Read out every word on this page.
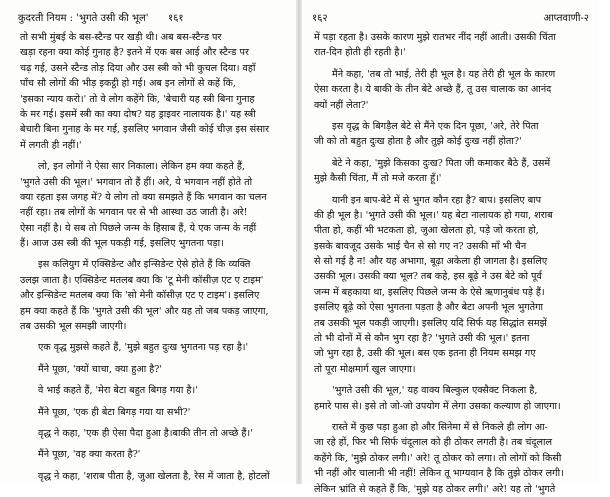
कुदरती नियम : 'भुगते उसी की भूल' १६१
तो सभी मुंबई के बस-स्टैन्ड पर खड़ी थी। अब बस-स्टैन्ड पर
खड़ा रहना क्या कोई गुनाह है? इतने में एक बस आई और स्टैन्ड पर
चढ़ गई, उसने स्टैन्ड तोड़ दिया और उस स्त्री को भी कुचल दिया। वहाँ
पाँच सौ लोगों की भीड़ इकट्ठी हो गई। अब इन लोगों से कहें कि,
'इसका न्याय करो।' तो वे लोग कहेंगे कि, 'बेचारी यह स्त्री बिना गुनाह
के मर गई। इसमें स्त्री का क्या दोष? यह ड्राइवर नालायक है।' यह स्त्री
बेचारी बिना गुनाह के मर गई, इसलिए भगवान जैसी कोई चीज़ इस संसार
में लगती ही नहीं।'
लो, इन लोगों ने ऐसा सार निकाला। लेकिन हम क्या कहते हैं,
'भुगते उसी की भूल।' भगवान तो हैं हीं। अरे, ये भगवान नहीं होते तो
क्या रहता इस जगह में? ये लोग तो क्या समझते हैं कि भगवान का चलन
नहीं रहा। तब लोगों के भगवान पर से भी आस्था उठ जाती है। अरे!
ऐसा नहीं है। ये सब तो पिछले जन्म के हिसाब हैं, ये एक जन्म के नहीं
हैं। आज उस स्त्री की भूल पकड़ी गई, इसलिए भुगतना पड़ा।
इस कलियुग में एक्सिडेन्ट और इन्सिडेन्ट ऐसे होते हैं कि व्यक्ति
उलझ जाता है। एक्सिडेन्ट मतलब क्या कि 'टू मेनी कॉसीज़ एट ए टाइम'
और इन्सिडेन्ट मतलब क्या कि 'सो मेनी कॉसीज़ एट ए टाइम'। इसलिए
हम क्या कहते हैं कि 'भुगते उसी की भूल' और यह तो जब पकड़ जाएगा,
तब उसकी भूल समझी जाएगी।
एक वृद्ध मुझसे कहते हैं, 'मुझे बहुत दुःख भुगतना पड़ रहा है।'
मैंने पूछा, 'क्यों चाचा, क्या हुआ है?'
वे भाई कहते हैं, 'मेरा बेटा बहुत बिगड़ गया है।'
मैंने पूछा, 'एक ही बेटा बिगड़ गया या सभी?'
वृद्ध ने कहा, 'एक ही ऐसा पैदा हुआ है।बाकी तीन तो अच्छे हैं।'
मैंने पूछा, 'वह क्या करता है?'
वृद्ध ने कहा, 'शराब पीता है, जुआ खेलता है, रेस में जाता है, होटलों
१६२	आप्तवाणी-२
में पड़ा रहता है। उसके कारण मुझे रातभर नींद नहीं आती। उसकी चिंता
रात-दिन होती ही रहती है।'
मैंने कहा, 'तब तो भाई, तेरी ही भूल है। यह तेरी ही भूल के कारण
ऐसा करता है। ये बाकी के तीन बेटे अच्छे हैं, तू उस चालाक का आनंद
क्यों नहीं लेता?'
इस वृद्ध के बिगड़ैल बेटे से मैंने एक दिन पूछा, 'अरे, तेरे पिता
जी को तो बहुत दुःख होता है और तुझे कोई दुःख नहीं होता?'
बेटे ने कहा, 'मुझे किसका दुःख? पिता जी कमाकर बैठे हैं, उसमें
मुझे कैसी चिंता, मैं तो मजे करता हूँ।'
यानी इन बाप-बेटे में से भुगत कौन रहा है? बाप। इसलिए बाप
की ही भूल है। 'भुगते उसी की भूल।' यह बेटा नालायक हो गया, शराब
पीता हो, कहीं भी भटकता हो, जुआ खेलता हो, पड़े जो करता हो,
इसके बावजूद उसके भाई चैन से सो गए न? उसकी माँ भी चैन
से सो गई है न! और यह अभागा, बूढ़ा अकेला ही जागता है। इसलिए
उसकी भूल। उसकी क्या भूल? तब कहे, इस बूढ़े ने उस बेटे को पूर्व
जन्म में बहकाया था, इसलिए पिछले जन्म के ऐसे ऋणानुबंध पड़े हैं।
इसलिए बूढ़े को ऐसा भुगतना पड़ता है और बेटा अपनी भूल भुगतेगा
तब उसकी भूल पकड़ी जाएगी। इसलिए यदि सिर्फ यह सिद्धांत समझें
तो भी दोनों में से कौन भुग रहा है? 'भुगते उसी की भूल।' इतना
जो भुग रहा है, उसी की भूल। बस एक इतना ही नियम समझ गए
तो पूरा मोक्षमार्ग खुल जाएगा।
'भुगते उसी की भूल,' यह वाक्य बिल्कुल एक्सैक्ट निकला है,
हमारे पास से। इसे तो जो-जो उपयोग में लेगा उसका कल्याण हो जाएगा।
रास्ते में कुछ पड़ा हुआ हो और सिनेमा में से निकले ही लोग आ-
जा रहे हों, फिर भी सिर्फ चंदूलाल को ही ठोकर लगती है। तब चंदूलाल
कहेंगे कि, 'मुझे ठोकर लगी।' अरे! तू ठोकर को लगा। तो लोगों को किसी
भी नहीं और चालानी भी नहीं! लेकिन तू भाग्यवान है कि तुझे ठोकर लगी।
लेकिन भ्रांति से कहते हैं कि, 'मुझे यह ठोकर लगी।' अरे! यह तो 'भुगते
